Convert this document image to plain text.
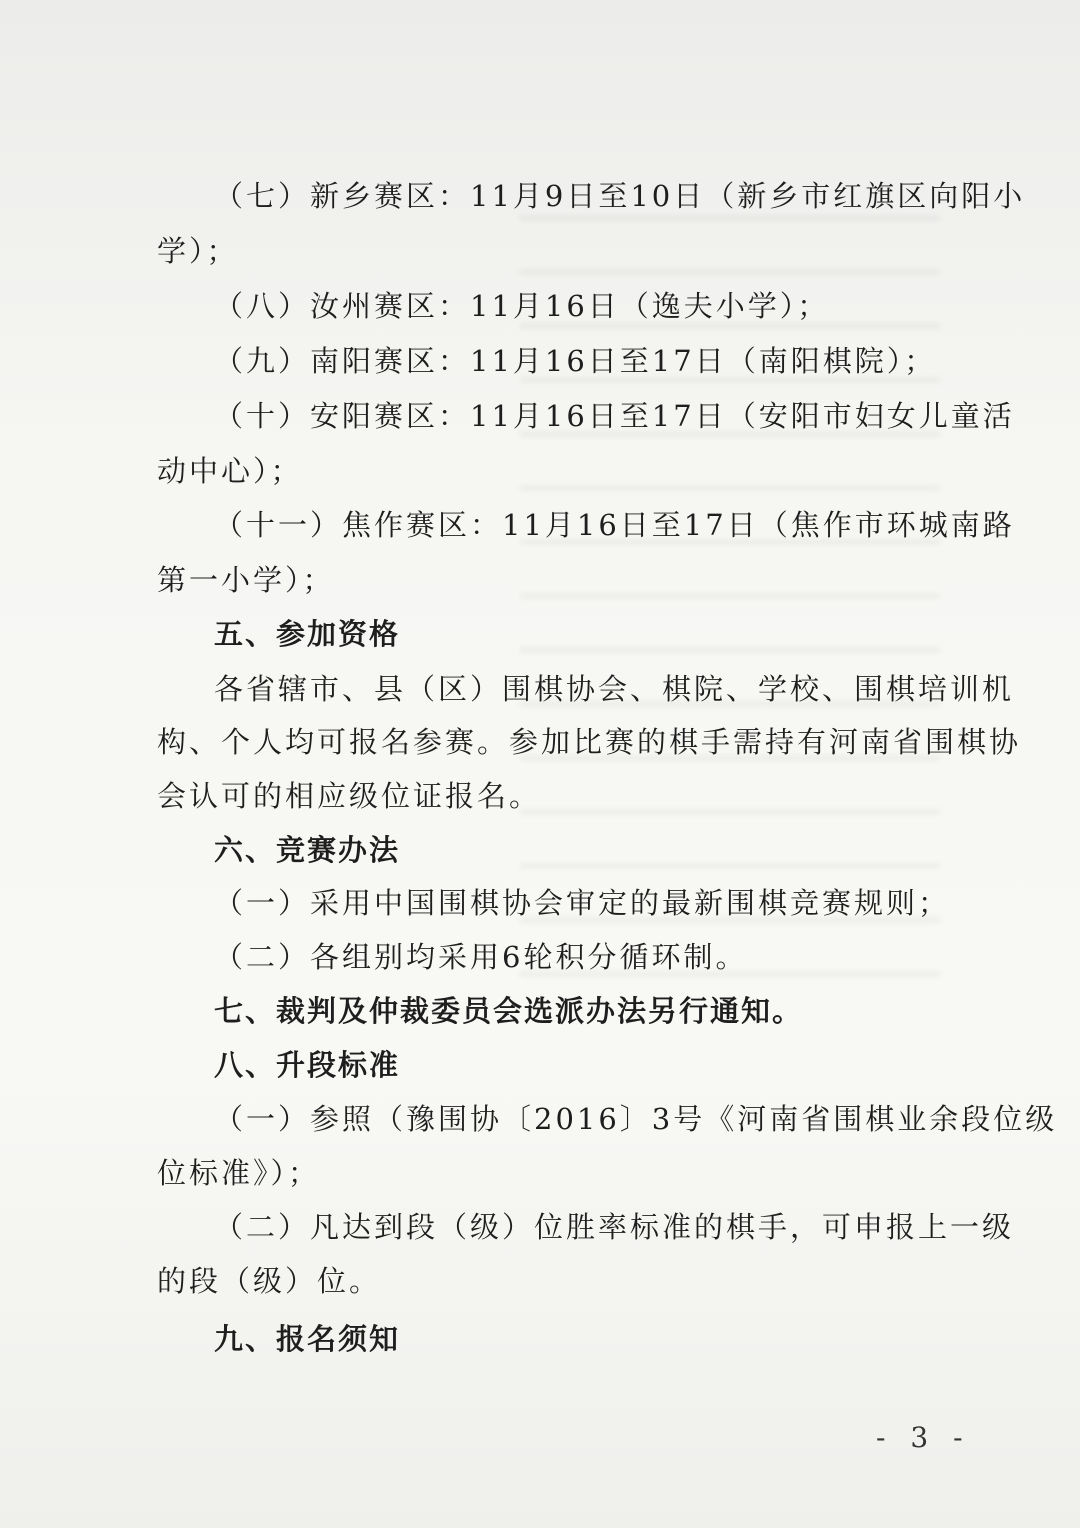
（七）新乡赛区：11月9日至10日（新乡市红旗区向阳小
学）；
（八）汝州赛区：11月16日（逸夫小学）；
（九）南阳赛区：11月16日至17日（南阳棋院）；
（十）安阳赛区：11月16日至17日（安阳市妇女儿童活
动中心）；
（十一）焦作赛区：11月16日至17日（焦作市环城南路
第一小学）；
五、参加资格
各省辖市、县（区）围棋协会、棋院、学校、围棋培训机
构、个人均可报名参赛。参加比赛的棋手需持有河南省围棋协
会认可的相应级位证报名。
六、竞赛办法
（一）采用中国围棋协会审定的最新围棋竞赛规则；
（二）各组别均采用6轮积分循环制。
七、裁判及仲裁委员会选派办法另行通知。
八、升段标准
（一）参照（豫围协〔2016〕3号《河南省围棋业余段位级
位标准》）；
（二）凡达到段（级）位胜率标准的棋手，可申报上一级
的段（级）位。
九、报名须知
- 3 -
